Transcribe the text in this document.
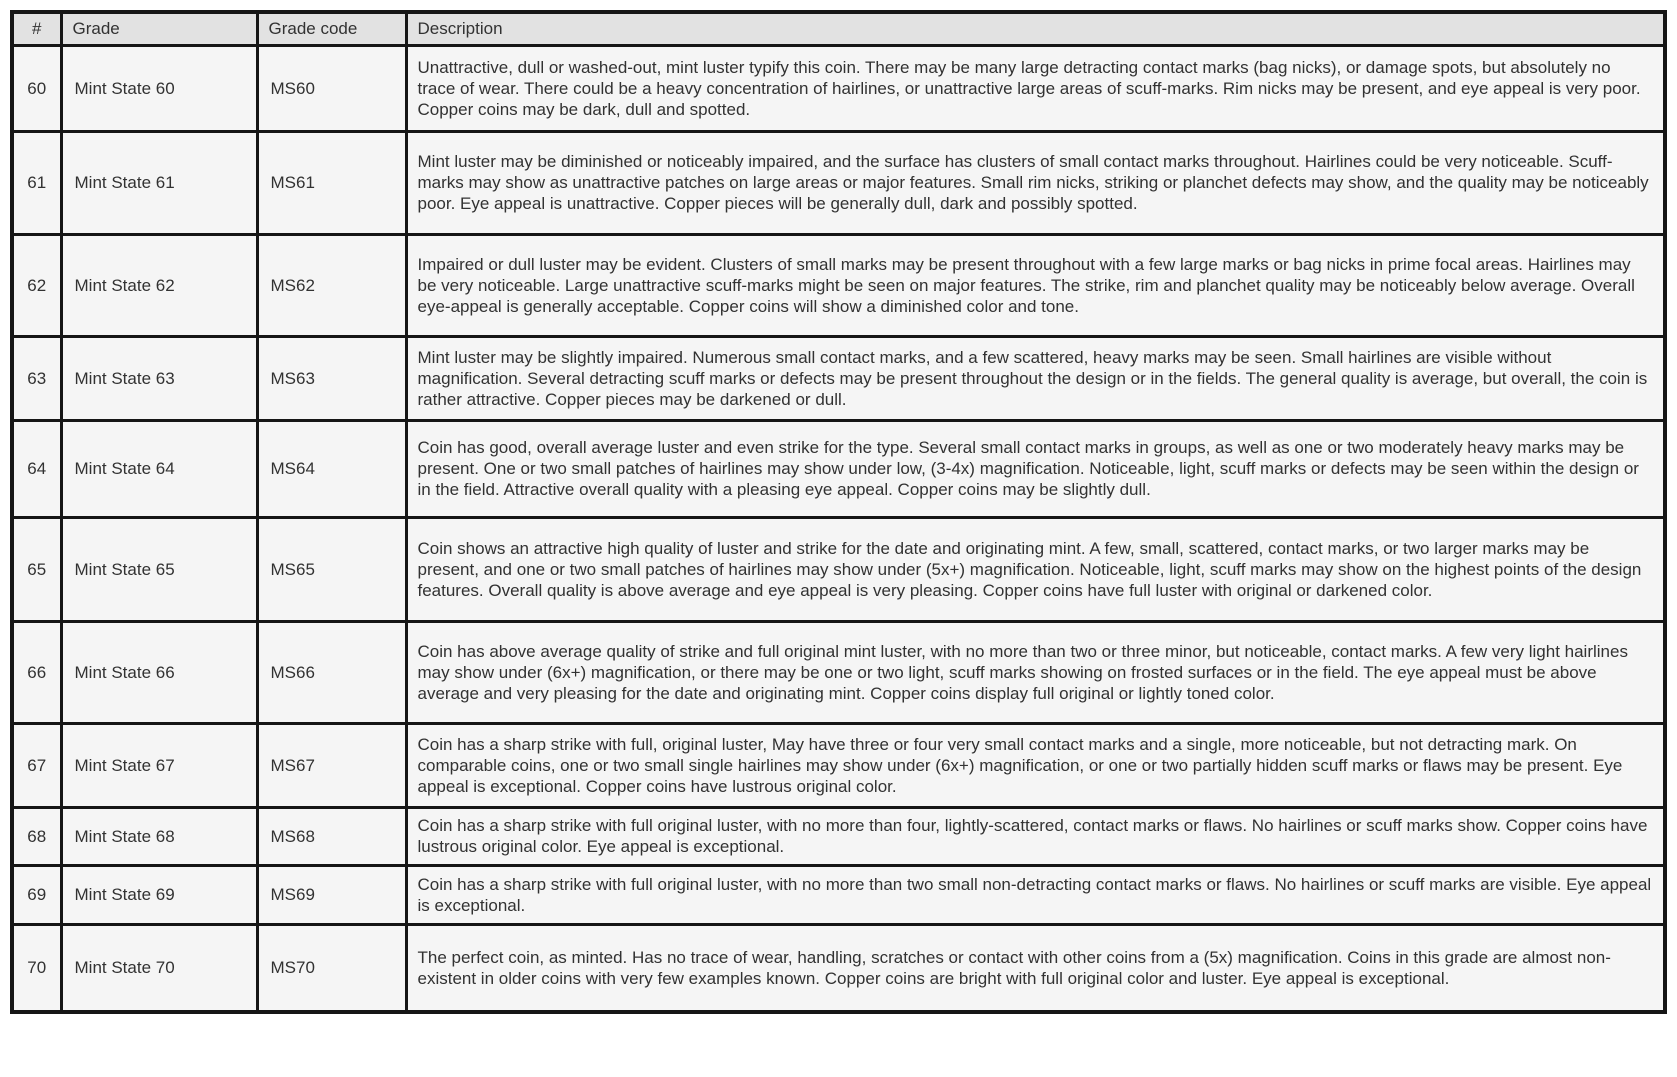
#	Grade	Grade code	Description
60	Mint State 60	MS60	Unattractive, dull or washed-out, mint luster typify this coin. There may be many large detracting contact marks (bag nicks), or damage spots, but absolutely no trace of wear. There could be a heavy concentration of hairlines, or unattractive large areas of scuff-marks. Rim nicks may be present, and eye appeal is very poor. Copper coins may be dark, dull and spotted.
61	Mint State 61	MS61	Mint luster may be diminished or noticeably impaired, and the surface has clusters of small contact marks throughout. Hairlines could be very noticeable. Scuff-marks may show as unattractive patches on large areas or major features. Small rim nicks, striking or planchet defects may show, and the quality may be noticeably poor. Eye appeal is unattractive. Copper pieces will be generally dull, dark and possibly spotted.
62	Mint State 62	MS62	Impaired or dull luster may be evident. Clusters of small marks may be present throughout with a few large marks or bag nicks in prime focal areas. Hairlines may be very noticeable. Large unattractive scuff-marks might be seen on major features. The strike, rim and planchet quality may be noticeably below average. Overall eye-appeal is generally acceptable. Copper coins will show a diminished color and tone.
63	Mint State 63	MS63	Mint luster may be slightly impaired. Numerous small contact marks, and a few scattered, heavy marks may be seen. Small hairlines are visible without magnification. Several detracting scuff marks or defects may be present throughout the design or in the fields. The general quality is average, but overall, the coin is rather attractive. Copper pieces may be darkened or dull.
64	Mint State 64	MS64	Coin has good, overall average luster and even strike for the type. Several small contact marks in groups, as well as one or two moderately heavy marks may be present. One or two small patches of hairlines may show under low, (3-4x) magnification. Noticeable, light, scuff marks or defects may be seen within the design or in the field. Attractive overall quality with a pleasing eye appeal. Copper coins may be slightly dull.
65	Mint State 65	MS65	Coin shows an attractive high quality of luster and strike for the date and originating mint. A few, small, scattered, contact marks, or two larger marks may be present, and one or two small patches of hairlines may show under (5x+) magnification. Noticeable, light, scuff marks may show on the highest points of the design features. Overall quality is above average and eye appeal is very pleasing. Copper coins have full luster with original or darkened color.
66	Mint State 66	MS66	Coin has above average quality of strike and full original mint luster, with no more than two or three minor, but noticeable, contact marks. A few very light hairlines may show under (6x+) magnification, or there may be one or two light, scuff marks showing on frosted surfaces or in the field. The eye appeal must be above average and very pleasing for the date and originating mint. Copper coins display full original or lightly toned color.
67	Mint State 67	MS67	Coin has a sharp strike with full, original luster, May have three or four very small contact marks and a single, more noticeable, but not detracting mark. On comparable coins, one or two small single hairlines may show under (6x+) magnification, or one or two partially hidden scuff marks or flaws may be present. Eye appeal is exceptional. Copper coins have lustrous original color.
68	Mint State 68	MS68	Coin has a sharp strike with full original luster, with no more than four, lightly-scattered, contact marks or flaws. No hairlines or scuff marks show. Copper coins have lustrous original color. Eye appeal is exceptional.
69	Mint State 69	MS69	Coin has a sharp strike with full original luster, with no more than two small non-detracting contact marks or flaws. No hairlines or scuff marks are visible. Eye appeal is exceptional.
70	Mint State 70	MS70	The perfect coin, as minted. Has no trace of wear, handling, scratches or contact with other coins from a (5x) magnification. Coins in this grade are almost non-existent in older coins with very few examples known. Copper coins are bright with full original color and luster. Eye appeal is exceptional.
